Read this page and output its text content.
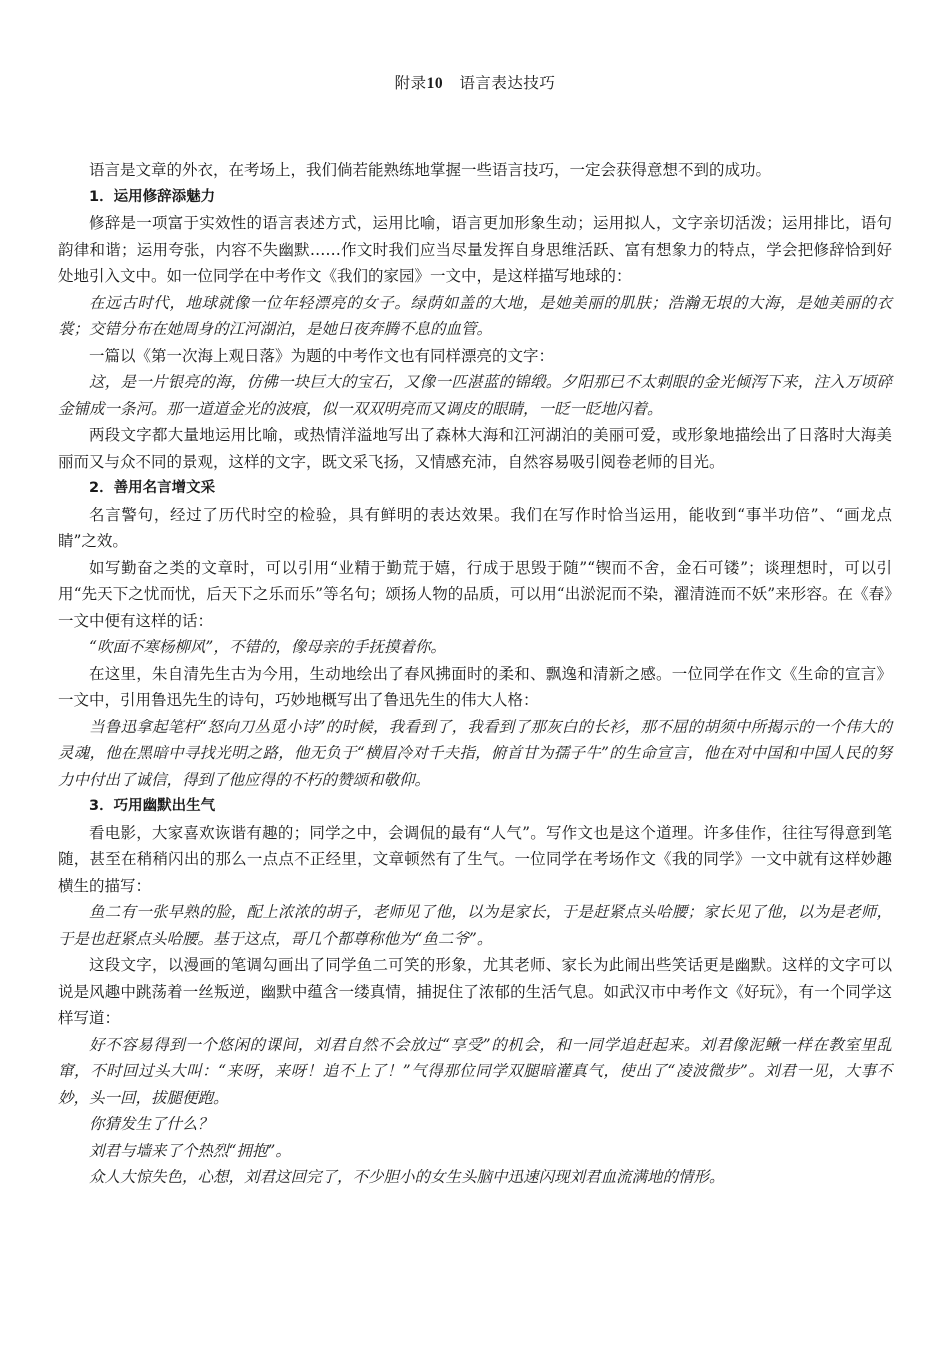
附录10 语言表达技巧

语言是文章的外衣，在考场上，我们倘若能熟练地掌握一些语言技巧，一定会获得意想不到的成功。

1．运用修辞添魅力

修辞是一项富于实效性的语言表述方式，运用比喻，语言更加形象生动；运用拟人，文字亲切活泼；运用排比，语句韵律和谐；运用夸张，内容不失幽默……作文时我们应当尽量发挥自身思维活跃、富有想象力的特点，学会把修辞恰到好处地引入文中。如一位同学在中考作文《我们的家园》一文中，是这样描写地球的：

在远古时代，地球就像一位年轻漂亮的女子。绿荫如盖的大地，是她美丽的肌肤；浩瀚无垠的大海，是她美丽的衣裳；交错分布在她周身的江河湖泊，是她日夜奔腾不息的血管。

一篇以《第一次海上观日落》为题的中考作文也有同样漂亮的文字：

这，是一片银亮的海，仿佛一块巨大的宝石，又像一匹湛蓝的锦缎。夕阳那已不太刺眼的金光倾泻下来，注入万顷碎金铺成一条河。那一道道金光的波痕，似一双双明亮而又调皮的眼睛，一眨一眨地闪着。

两段文字都大量地运用比喻，或热情洋溢地写出了森林大海和江河湖泊的美丽可爱，或形象地描绘出了日落时大海美丽而又与众不同的景观，这样的文字，既文采飞扬，又情感充沛，自然容易吸引阅卷老师的目光。

2．善用名言增文采

名言警句，经过了历代时空的检验，具有鲜明的表达效果。我们在写作时恰当运用，能收到“事半功倍”、“画龙点睛”之效。

如写勤奋之类的文章时，可以引用“业精于勤荒于嬉，行成于思毁于随”“锲而不舍，金石可镂”；谈理想时，可以引用“先天下之忧而忧，后天下之乐而乐”等名句；颂扬人物的品质，可以用“出淤泥而不染，濯清涟而不妖”来形容。在《春》一文中便有这样的话：

“吹面不寒杨柳风”，不错的，像母亲的手抚摸着你。

在这里，朱自清先生古为今用，生动地绘出了春风拂面时的柔和、飘逸和清新之感。一位同学在作文《生命的宣言》一文中，引用鲁迅先生的诗句，巧妙地概写出了鲁迅先生的伟大人格：

当鲁迅拿起笔杆“怒向刀丛觅小诗”的时候，我看到了，我看到了那灰白的长衫，那不屈的胡须中所揭示的一个伟大的灵魂，他在黑暗中寻找光明之路，他无负于“横眉冷对千夫指，俯首甘为孺子牛”的生命宣言，他在对中国和中国人民的努力中付出了诚信，得到了他应得的不朽的赞颂和敬仰。

3．巧用幽默出生气

看电影，大家喜欢诙谐有趣的；同学之中，会调侃的最有“人气”。写作文也是这个道理。许多佳作，往往写得意到笔随，甚至在稍稍闪出的那么一点点不正经里，文章顿然有了生气。一位同学在考场作文《我的同学》一文中就有这样妙趣横生的描写：

鱼二有一张早熟的脸，配上浓浓的胡子，老师见了他，以为是家长，于是赶紧点头哈腰；家长见了他，以为是老师，于是也赶紧点头哈腰。基于这点，哥几个都尊称他为“鱼二爷”。

这段文字，以漫画的笔调勾画出了同学鱼二可笑的形象，尤其老师、家长为此闹出些笑话更是幽默。这样的文字可以说是风趣中跳荡着一丝叛逆，幽默中蕴含一缕真情，捕捉住了浓郁的生活气息。如武汉市中考作文《好玩》，有一个同学这样写道：

好不容易得到一个悠闲的课间，刘君自然不会放过“享受”的机会，和一同学追赶起来。刘君像泥鳅一样在教室里乱窜，不时回过头大叫：“来呀，来呀！追不上了！”气得那位同学双腿暗灌真气，使出了“凌波微步”。刘君一见，大事不妙，头一回，拔腿便跑。

你猜发生了什么？

刘君与墙来了个热烈“拥抱”。

众人大惊失色，心想，刘君这回完了，不少胆小的女生头脑中迅速闪现刘君血流满地的情形。
